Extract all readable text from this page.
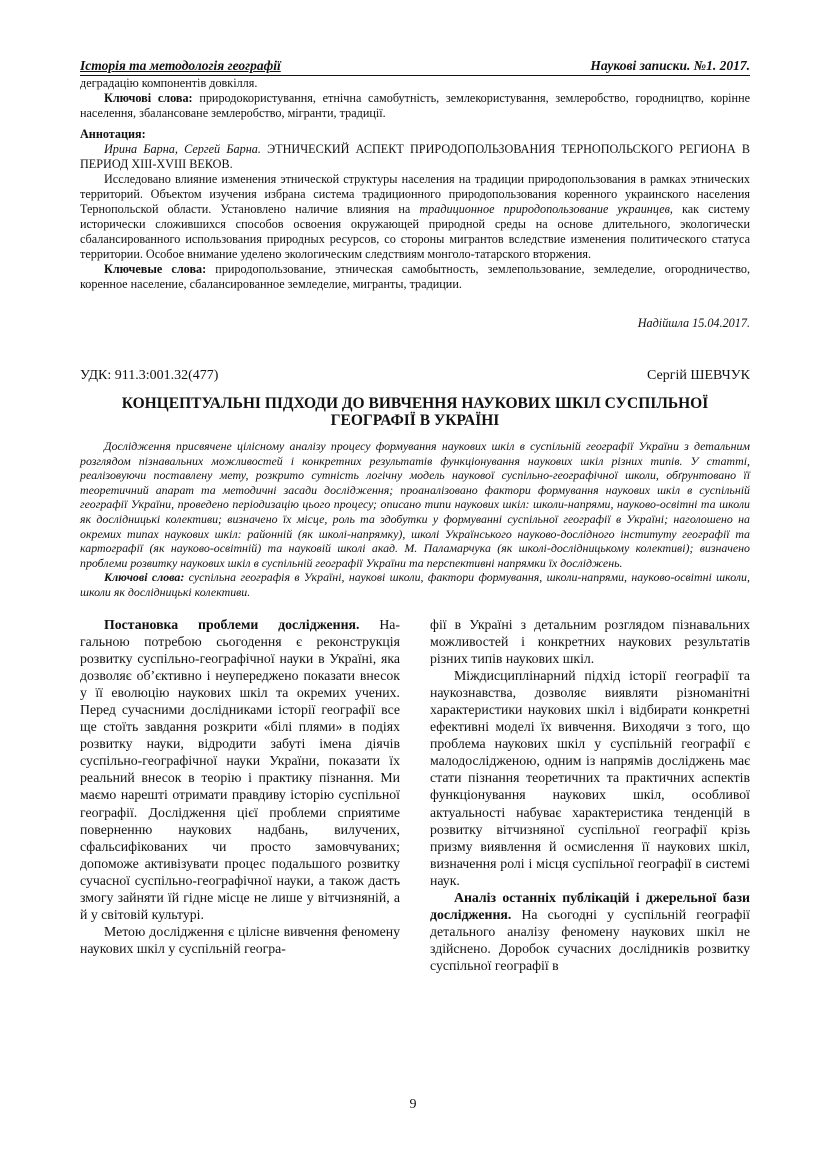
Історія та методологія географії	Наукові записки. №1. 2017.

деградацію компонентів довкілля.

Ключові слова: природокористування, етнічна самобутність, землекористування, землеробство, городництво, корінне населення, збалансоване землеробство, мігранти, традиції.

Аннотация:

Ирина Барна, Сергей Барна. ЭТНИЧЕСКИЙ АСПЕКТ ПРИРОДОПОЛЬЗОВАНИЯ ТЕРНОПОЛЬСКОГО РЕГИОНА В ПЕРИОД XIII-XVIII ВЕКОВ.

Исследовано влияние изменения этнической структуры населения на традиции природопользования в рамках этнических территорий. Объектом изучения избрана система традиционного природопользования коренного украинского населения Тернопольской области. Установлено наличие влияния на традиционное природопользование украинцев, как систему исторически сложившихся способов освоения окружающей природной среды на основе длительного, экологически сбалансированного использования природных ресурсов, со стороны мигрантов вследствие изменения политического статуса территории. Особое внимание уделено экологическим следствиям монголо-татарского вторжения.

Ключевые слова: природопользование, этническая самобытность, землепользование, земледелие, огородничество, коренное население, сбалансированное земледелие, мигранты, традиции.

Надійшла 15.04.2017.
УДК: 911.3:001.32(477)	Сергій ШЕВЧУК
КОНЦЕПТУАЛЬНІ ПІДХОДИ ДО ВИВЧЕННЯ НАУКОВИХ ШКІЛ СУСПІЛЬНОЇ
ГЕОГРАФІЇ В УКРАЇНІ

Дослідження присвячене цілісному аналізу процесу формування наукових шкіл в суспільній географії України з детальним розглядом пізнавальних можливостей і конкретних результатів функціонування наукових шкіл різних типів. У статті, реалізовуючи поставлену мету, розкрито сутність логічну модель наукової суспільно-географічної школи, обґрунтовано її теоретичний апарат та методичні засади дослідження; проаналізовано фактори формування наукових шкіл в суспільній географії України, проведено періодизацію цього процесу; описано типи наукових шкіл: школи-напрями, науково-освітні та школи як дослідницькі колективи; визначено їх місце, роль та здобутки у формуванні суспільної географії в Україні; наголошено на окремих типах наукових шкіл: районній (як школі-напрямку), школі Українського науково-дослідного інституту географії та картографії (як науково-освітній) та науковій школі акад. М. Паламарчука (як школі-дослідницькому колективі); визначено проблеми розвитку наукових шкіл в суспільній географії України та перспективні напрямки їх досліджень.

Ключові слова: суспільна географія в Україні, наукові школи, фактори формування, школи-напрями, науково-освітні школи, школи як дослідницькі колективи.

Постановка проблеми дослідження. На-гальною потребою сьогодення є реконструкція розвитку суспільно-географічної науки в Україні, яка дозволяє об’єктивно і неупереджено показати внесок у її еволюцію наукових шкіл та окремих учених. Перед сучасними дослідниками історії географії все ще стоїть завдання розкрити «білі плями» в подіях розвитку науки, відродити забуті імена діячів суспільно-географічної науки України, показати їх реальний внесок в теорію і практику пізнання. Ми маємо нарешті отримати правдиву історію суспільної географії. Дослідження цієї проблеми сприятиме поверненню наукових надбань, вилучених, сфальсифікованих чи просто замовчуваних; допоможе активізувати процес подальшого розвитку сучасної суспільно-географічної науки, а також дасть змогу зайняти їй гідне місце не лише у вітчизняній, а й у світовій культурі.

Метою дослідження є цілісне вивчення феномену наукових шкіл у суспільній геогра-

фії в Україні з детальним розглядом пізнавальних можливостей і конкретних наукових результатів різних типів наукових шкіл.

Міждисциплінарний підхід історії географії та наукознавства, дозволяє виявляти різноманітні характеристики наукових шкіл і відбирати конкретні ефективні моделі їх вивчення. Виходячи з того, що проблема наукових шкіл у суспільній географії є малодослідженою, одним із напрямів досліджень має стати пізнання теоретичних та практичних аспектів функціонування наукових шкіл, особливої актуальності набуває характеристика тенденцій в розвитку вітчизняної суспільної географії крізь призму виявлення й осмислення її наукових шкіл, визначення ролі і місця суспільної географії в системі наук.

Аналіз останніх публікацій і джерельної бази дослідження. На сьогодні у суспільній географії детального аналізу феномену наукових шкіл не здійснено. Доробок сучасних дослідників розвитку суспільної географії в

9
